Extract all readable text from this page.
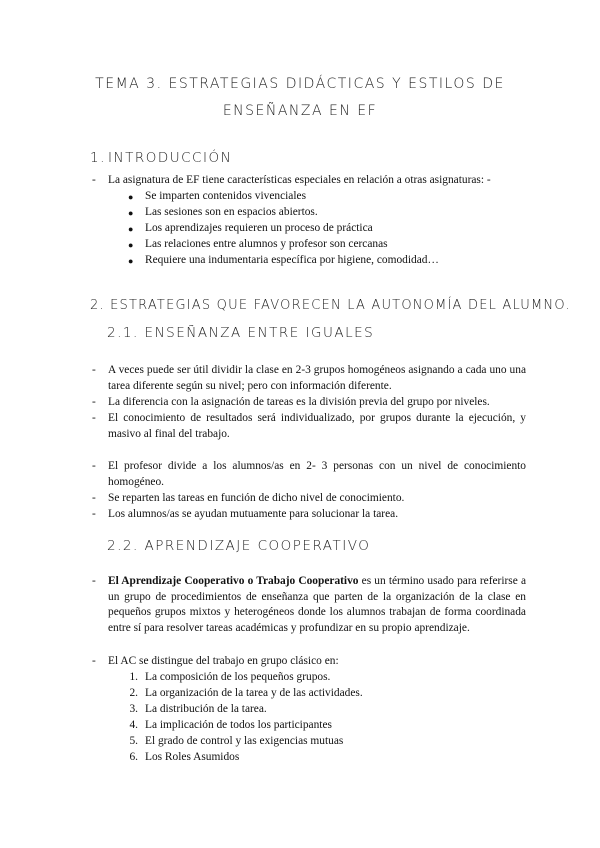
TEMA 3. ESTRATEGIAS DIDÁCTICAS Y ESTILOS DE
ENSEÑANZA EN EF
1. INTRODUCCIÓN
- La asignatura de EF tiene características especiales en relación a otras asignaturas: -
● Se imparten contenidos vivenciales
● Las sesiones son en espacios abiertos.
● Los aprendizajes requieren un proceso de práctica
● Las relaciones entre alumnos y profesor son cercanas
● Requiere una indumentaria específica por higiene, comodidad…
2. ESTRATEGIAS QUE FAVORECEN LA AUTONOMÍA DEL ALUMNO.
2.1. ENSEÑANZA ENTRE IGUALES
- A veces puede ser útil dividir la clase en 2-3 grupos homogéneos asignando a cada uno una tarea diferente según su nivel; pero con información diferente.
- La diferencia con la asignación de tareas es la división previa del grupo por niveles.
- El conocimiento de resultados será individualizado, por grupos durante la ejecución, y masivo al final del trabajo.
- El profesor divide a los alumnos/as en 2- 3 personas con un nivel de conocimiento homogéneo.
- Se reparten las tareas en función de dicho nivel de conocimiento.
- Los alumnos/as se ayudan mutuamente para solucionar la tarea.
2.2. APRENDIZAJE COOPERATIVO
- El Aprendizaje Cooperativo o Trabajo Cooperativo es un término usado para referirse a un grupo de procedimientos de enseñanza que parten de la organización de la clase en pequeños grupos mixtos y heterogéneos donde los alumnos trabajan de forma coordinada entre sí para resolver tareas académicas y profundizar en su propio aprendizaje.
- El AC se distingue del trabajo en grupo clásico en:
1. La composición de los pequeños grupos.
2. La organización de la tarea y de las actividades.
3. La distribución de la tarea.
4. La implicación de todos los participantes
5. El grado de control y las exigencias mutuas
6. Los Roles Asumidos
